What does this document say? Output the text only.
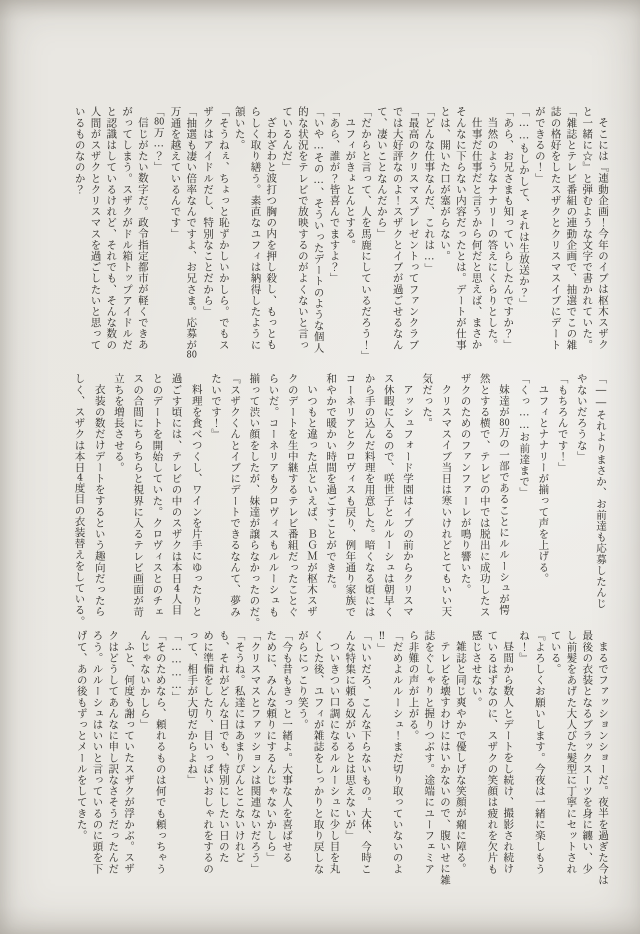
そこには『連動企画！今年のイブは枢木スザク

と一緒に☆』と弾むような文字で書かれていた。

「雑誌とテレビ番組の連動企画で、抽選でこの雑

誌の格好をしたスザクとクリスマスイブにデート

ができるの！」

「……もしかして、それは生放送か？」

「あら、お兄さまも知っていらしたんですか？」

当然のようなナナリーの答えにくらりとした。

仕事だ仕事だと言うから何だと思えば、まさか

そんなに下らない内容だったとは。デートが仕事

とは、開いた口が塞がらない。

「どんな仕事なんだ、これは…」

「最高のクリスマスプレゼントってファンクラブ

では大好評なのよ！スザクとイブが過ごせるなん

て、凄いことなんだから」

「だからと言って、人を馬鹿にしているだろう！」

ユフィがきょとんとする。

「あら、誰が？皆喜んでますよ？」

「いや…その…、そういったデートのような個人

的な状況をテレビで放映するのがよくないと言っ

ているんだ」

ざわざわと波打つ胸の内を押し殺し、もっとも

らしく取り繕う。素直なユフィは納得したように

頷いた。

「そうねぇ、ちょっと恥ずかしいかしら。でもス

ザクはアイドルだし、特別なことだから」

「抽選も凄い倍率なんですよ、お兄さま。応募が80

万通を越えているんです」

「80万…？」

信じがたい数字だ。政令指定都市が軽くできあ

がってしまう。スザクがドル箱トップアイドルだ

と認識はしているけれど、それでも、そんな数の

人間がスザクとクリスマスを過ごしたいと思って

いるものなのか？

「――それよりまさか、お前達も応募したんじ

やないだろうな」

「もちろんです！」

ユフィとナナリーが揃って声を上げる。

「くっ……お前達まで」

妹達が80万の一部であることにルルーシュが愕

然とする横で、テレビの中では脱出に成功したス

ザクのためのファンファーレが鳴り響いた。

クリスマスイブ当日は寒いけれどとてもいい天

気だった。

アッシュフォード学園はイブの前からクリスマ

ス休暇に入るので、咲世子とルルーシュは朝早く

から手の込んだ料理を用意した。暗くなる頃には

コーネリアとクロヴィスも戻り、例年通り家族で

和やかで暖かい時間を過ごすことができた。

いつもと違った点といえば、ＢＧＭが枢木スザ

クのデートを生中継するテレビ番組だったことぐ

らいだ。コーネリアもクロヴィスもルルーシュも

揃って渋い顔をしたが、妹達が譲らなかったのだ。

『スザクくんとイブにデートできるなんて、夢み

たいです！』

料理を食べつくし、ワインを片手にゆったりと

過ごす頃には、テレビの中のスザクは本日4人目

とのデートを開始していた。クロヴィスとのチェ

スの合間にちらちらと視界に入るテレビ画面が苛

立ちを増長させる。

衣装の数だけデートをするという趣向だったら

しく、スザクは本日4度目の衣装替えをしている。

まるでファッションショーだ。夜半を過ぎた今は

最後の衣装となるブラックスーツを身に纏い、少

し前髪をあげた大人びた髪型に丁寧にセットされ

ている。

『よろしくお願いします。今夜は一緒に楽しもう

ね！』

昼間から数人とデートをし続け、撮影され続け

ているはずなのに、スザクの笑顔は疲れを欠片も

感じさせない。

雑誌と同じ爽やかで優しげな笑顔が癪に障る。

テレビを壊すわけにはいかないので、腹いせに雑

誌をぐしゃりと握りつぶす。途端にユーフェミア

ら非難の声が上がる。

「だめよルルーシュ！まだ切り取っていないのよ

‼」

「いいだろ、こんな下らないもの。大体、今時こ

んな特集に頼る奴がいるとは思えないが」

ついきつい口調になるルルーシュに少し目を丸

くした後、ユフィが雑誌をしっかりと取り戻しな

がらにっこり笑う。

「今も昔もきっと一緒よ。大事な人を喜ばせる

ために、みんな頼りにするんじゃないかしら」

「クリスマスとファッションは関連ないだろう」

「そうね。私達にはあまりぴんとこないけれど

も、それがどんな日でも、特別にしたい日のた

めに準備をしたり、目いっぱいおしゃれをするの

って、相手が大切だからよね」

「…………」

「そのためなら、頼れるものは何でも頼っちゃう

んじゃないかしら」

ふと、何度も謝っていたスザクが浮かぶ。スザ

クはどうしてあんなに申し訳なさそうだったんだ

ろう。ルルーシュはいいと言っているのに頭を下

げて、あの後もずっとメールをしてきた。
